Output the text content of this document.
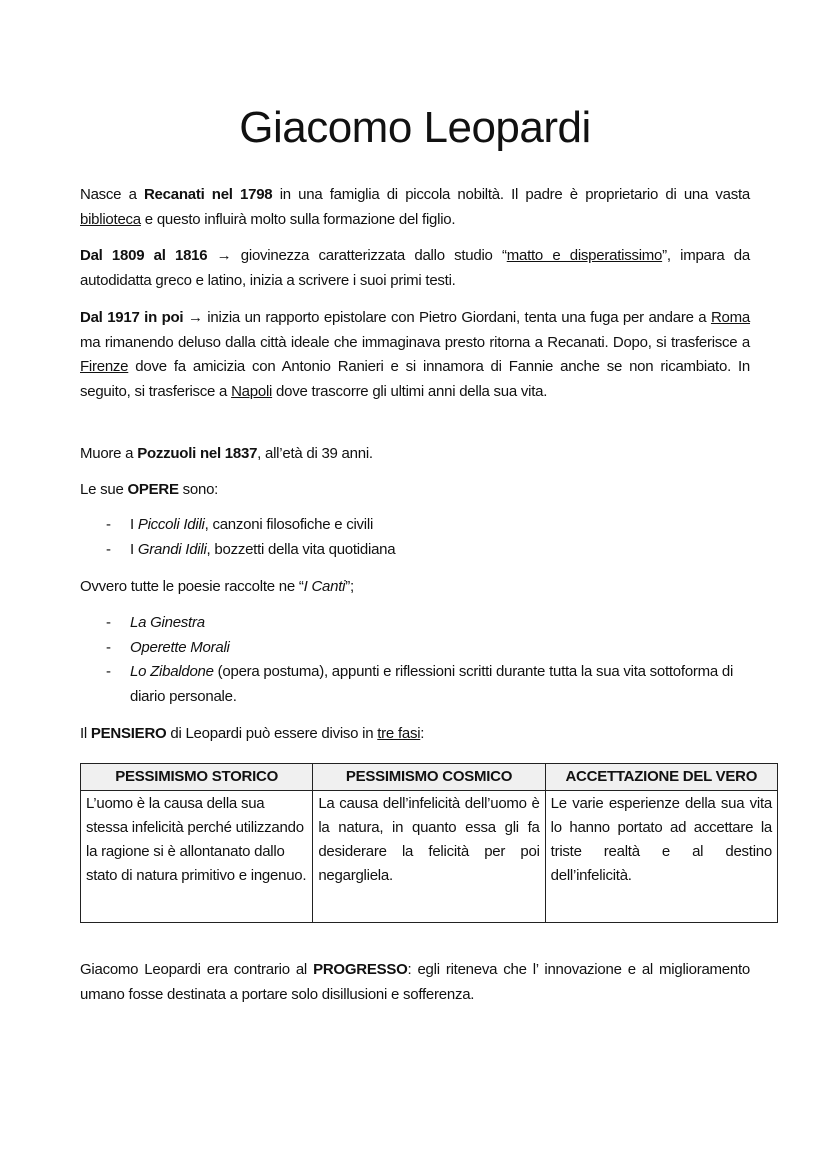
Giacomo Leopardi

Nasce a Recanati nel 1798 in una famiglia di piccola nobiltà. Il padre è proprietario di una vasta biblioteca e questo influirà molto sulla formazione del figlio.

Dal 1809 al 1816 → giovinezza caratterizzata dallo studio “matto e disperatissimo”, impara da autodidatta greco e latino, inizia a scrivere i suoi primi testi.

Dal 1917 in poi → inizia un rapporto epistolare con Pietro Giordani, tenta una fuga per andare a Roma ma rimanendo deluso dalla città ideale che immaginava presto ritorna a Recanati. Dopo, si trasferisce a Firenze dove fa amicizia con Antonio Ranieri e si innamora di Fannie anche se non ricambiato. In seguito, si trasferisce a Napoli dove trascorre gli ultimi anni della sua vita.

Muore a Pozzuoli nel 1837, all’età di 39 anni.

Le sue OPERE sono:

- I Piccoli Idili, canzoni filosofiche e civili
- I Grandi Idili, bozzetti della vita quotidiana

Ovvero tutte le poesie raccolte ne “I Canti”;

- La Ginestra
- Operette Morali
- Lo Zibaldone (opera postuma), appunti e riflessioni scritti durante tutta la sua vita sottoforma di diario personale.

Il PENSIERO di Leopardi può essere diviso in tre fasi:

PESSIMISMO STORICO	PESSIMISMO COSMICO	ACCETTAZIONE DEL VERO
L’uomo è la causa della sua stessa infelicità perché utilizzando la ragione si è allontanato dallo stato di natura primitivo e ingenuo.	La causa dell’infelicità dell’uomo è la natura, in quanto essa gli fa desiderare la felicità per poi negargliela.	Le varie esperienze della sua vita lo hanno portato ad accettare la triste realtà e al destino dell’infelicità.

Giacomo Leopardi era contrario al PROGRESSO: egli riteneva che l’ innovazione e al miglioramento umano fosse destinata a portare solo disillusioni e sofferenza.
